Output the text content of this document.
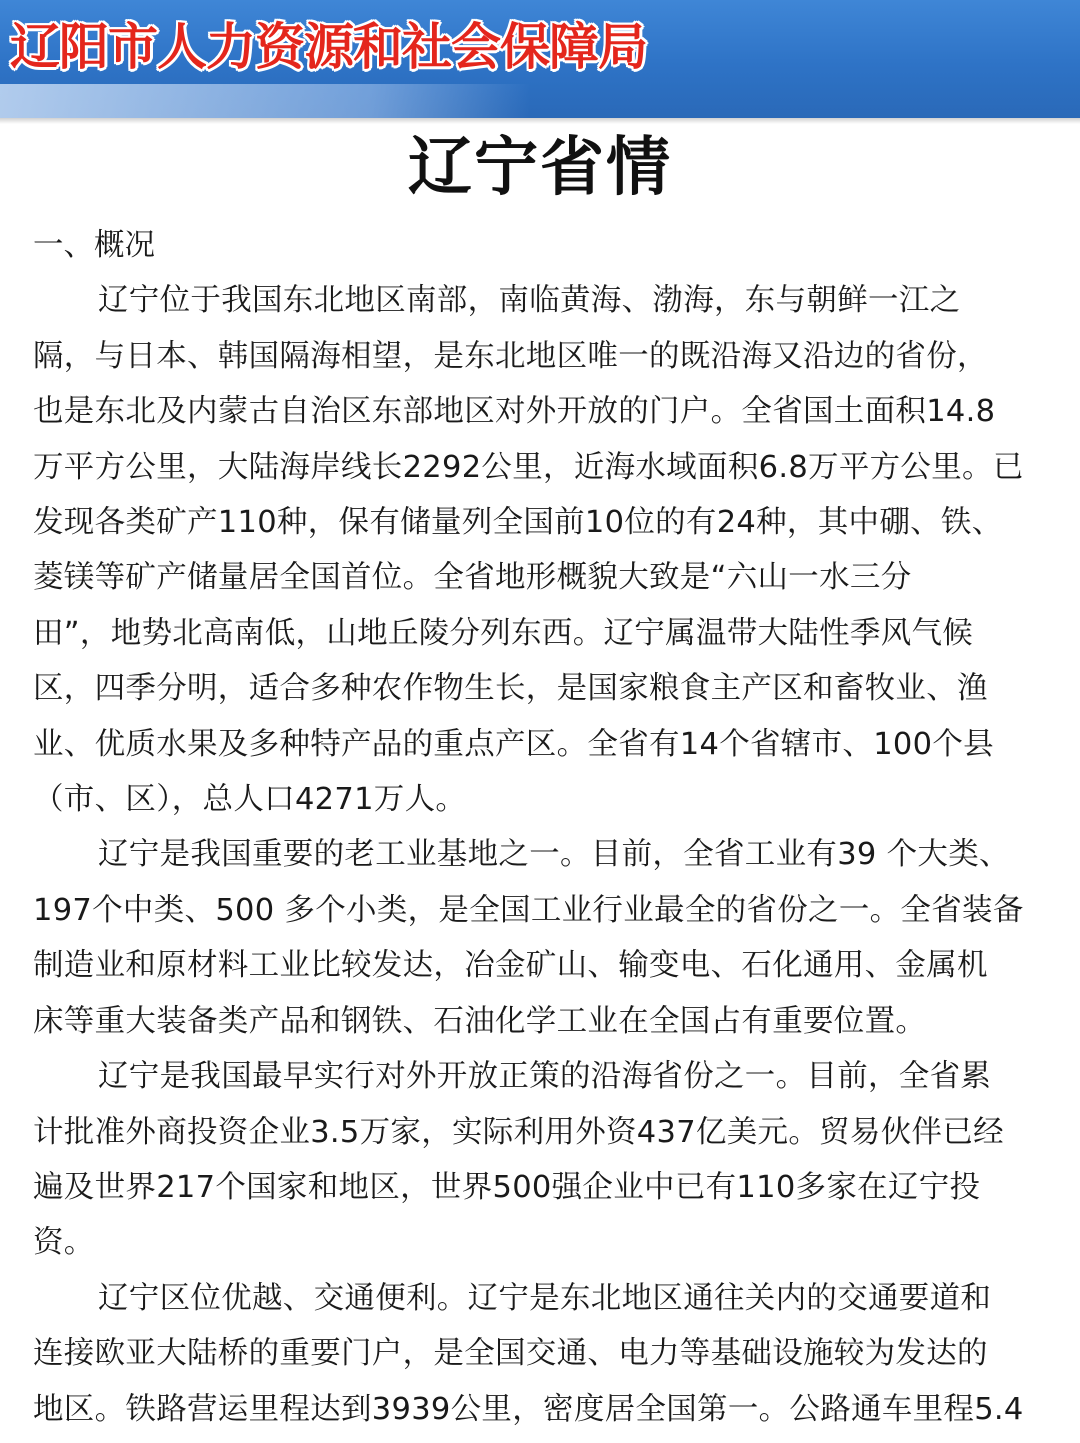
辽阳市人力资源和社会保障局
辽宁省情
一、概况
辽宁位于我国东北地区南部，南临黄海、渤海，东与朝鲜一江之
隔，与日本、韩国隔海相望，是东北地区唯一的既沿海又沿边的省份，
也是东北及内蒙古自治区东部地区对外开放的门户。全省国土面积14.8
万平方公里，大陆海岸线长2292公里，近海水域面积6.8万平方公里。已
发现各类矿产110种，保有储量列全国前10位的有24种，其中硼、铁、
菱镁等矿产储量居全国首位。全省地形概貌大致是“六山一水三分
田”，地势北高南低，山地丘陵分列东西。辽宁属温带大陆性季风气候
区，四季分明，适合多种农作物生长，是国家粮食主产区和畜牧业、渔
业、优质水果及多种特产品的重点产区。全省有14个省辖市、100个县
（市、区），总人口4271万人。
辽宁是我国重要的老工业基地之一。目前，全省工业有39 个大类、
197个中类、500 多个小类，是全国工业行业最全的省份之一。全省装备
制造业和原材料工业比较发达，冶金矿山、输变电、石化通用、金属机
床等重大装备类产品和钢铁、石油化学工业在全国占有重要位置。
辽宁是我国最早实行对外开放正策的沿海省份之一。目前，全省累
计批准外商投资企业3.5万家，实际利用外资437亿美元。贸易伙伴已经
遍及世界217个国家和地区，世界500强企业中已有110多家在辽宁投
资。
辽宁区位优越、交通便利。辽宁是东北地区通往关内的交通要道和
连接欧亚大陆桥的重要门户，是全国交通、电力等基础设施较为发达的
地区。铁路营运里程达到3939公里，密度居全国第一。公路通车里程5.4
